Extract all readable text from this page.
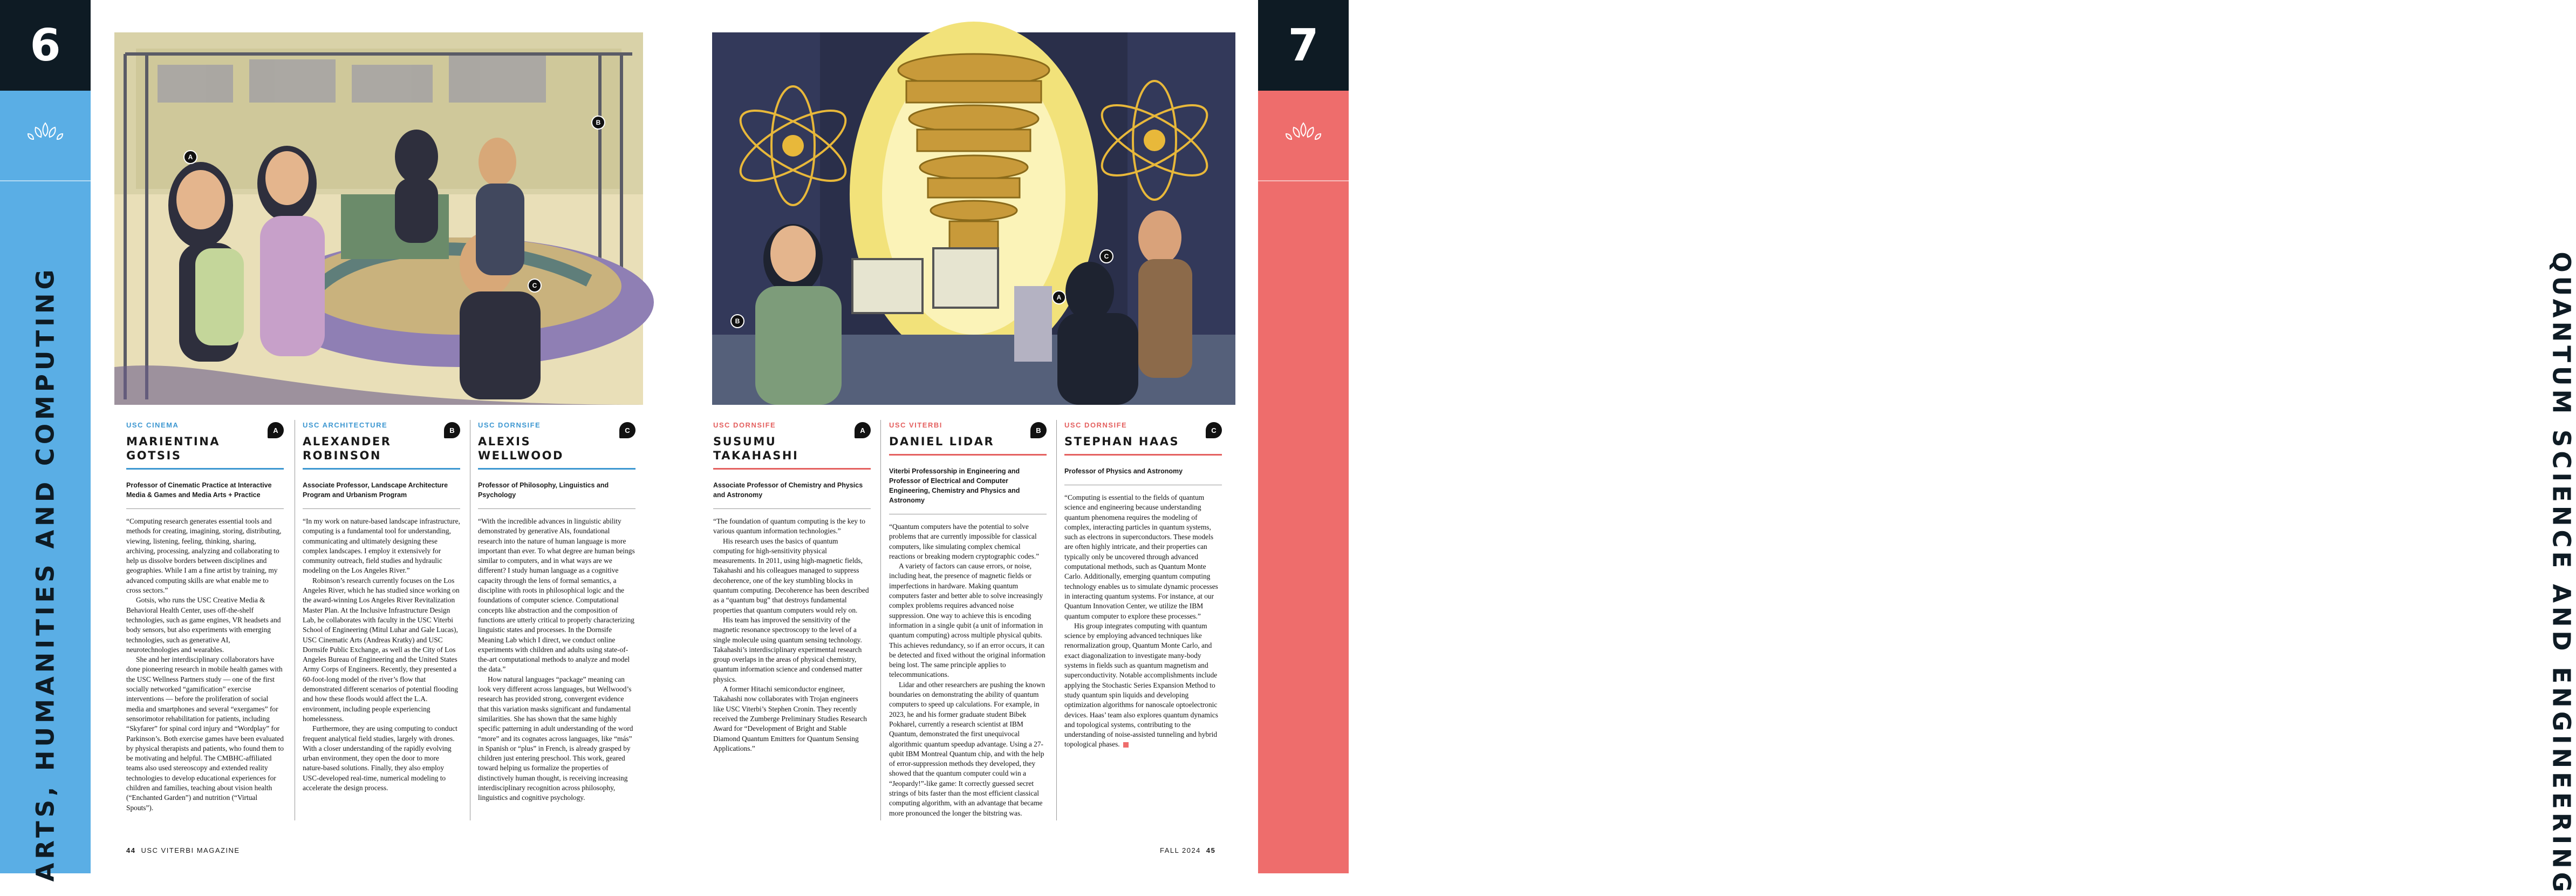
6
ARTS, HUMANITIES AND COMPUTING
7
QUANTUM SCIENCE AND ENGINEERING
A
B
C
B
A
C
USC CINEMA
A
MARIENTINA GOTSIS
Professor of Cinematic Practice at Interactive Media & Games and Media Arts + Practice

“Computing research generates essential tools and methods for creating, imagining, storing, distributing, viewing, listening, feeling, thinking, sharing, archiving, processing, analyzing and collaborating to help us dissolve borders between disciplines and geographies. While I am a fine artist by training, my advanced computing skills are what enable me to cross sectors.”

Gotsis, who runs the USC Creative Media & Behavioral Health Center, uses off-the-shelf technologies, such as game engines, VR headsets and body sensors, but also experiments with emerging technologies, such as generative AI, neurotechnologies and wearables.

She and her interdisciplinary collaborators have done pioneering research in mobile health games with the USC Wellness Partners study — one of the first socially networked “gamification” exercise interventions — before the proliferation of social media and smartphones and several “exergames” for sensorimotor rehabilitation for patients, including “Skyfarer” for spinal cord injury and “Wordplay” for Parkinson’s. Both exercise games have been evaluated by physical therapists and patients, who found them to be motivating and helpful. The CMBHC-affiliated teams also used stereoscopy and extended reality technologies to develop educational experiences for children and families, teaching about vision health (“Enchanted Garden”) and nutrition (“Virtual Spouts”).

USC ARCHITECTURE
B
ALEXANDER ROBINSON
Associate Professor, Landscape Architecture Program and Urbanism Program

“In my work on nature-based landscape infrastructure, computing is a fundamental tool for understanding, communicating and ultimately designing these complex landscapes. I employ it extensively for community outreach, field studies and hydraulic modeling on the Los Angeles River.”

Robinson’s research currently focuses on the Los Angeles River, which he has studied since working on the award-winning Los Angeles River Revitalization Master Plan. At the Inclusive Infrastructure Design Lab, he collaborates with faculty in the USC Viterbi School of Engineering (Mitul Luhar and Gale Lucas), USC Cinematic Arts (Andreas Kratky) and USC Dornsife Public Exchange, as well as the City of Los Angeles Bureau of Engineering and the United States Army Corps of Engineers. Recently, they presented a 60-foot-long model of the river’s flow that demonstrated different scenarios of potential flooding and how these floods would affect the L.A. environment, including people experiencing homelessness.

Furthermore, they are using computing to conduct frequent analytical field studies, largely with drones. With a closer understanding of the rapidly evolving urban environment, they open the door to more nature-based solutions. Finally, they also employ USC-developed real-time, numerical modeling to accelerate the design process.

USC DORNSIFE
C
ALEXIS WELLWOOD
Professor of Philosophy, Linguistics and Psychology

“With the incredible advances in linguistic ability demonstrated by generative AIs, foundational research into the nature of human language is more important than ever. To what degree are human beings similar to computers, and in what ways are we different? I study human language as a cognitive capacity through the lens of formal semantics, a discipline with roots in philosophical logic and the foundations of computer science. Computational concepts like abstraction and the composition of functions are utterly critical to properly characterizing linguistic states and processes. In the Dornsife Meaning Lab which I direct, we conduct online experiments with children and adults using state-of-the-art computational methods to analyze and model the data.”

How natural languages “package” meaning can look very different across languages, but Wellwood’s research has provided strong, convergent evidence that this variation masks significant and fundamental similarities. She has shown that the same highly specific patterning in adult understanding of the word “more” and its cognates across languages, like “más” in Spanish or “plus” in French, is already grasped by children just entering preschool. This work, geared toward helping us formalize the properties of distinctively human thought, is receiving increasing interdisciplinary recognition across philosophy, linguistics and cognitive psychology.

USC DORNSIFE
A
SUSUMU TAKAHASHI
Associate Professor of Chemistry and Physics and Astronomy

“The foundation of quantum computing is the key to various quantum information technologies.”

His research uses the basics of quantum computing for high-sensitivity physical measurements. In 2011, using high-magnetic fields, Takahashi and his colleagues managed to suppress decoherence, one of the key stumbling blocks in quantum computing. Decoherence has been described as a “quantum bug” that destroys fundamental properties that quantum computers would rely on.

His team has improved the sensitivity of the magnetic resonance spectroscopy to the level of a single molecule using quantum sensing technology. Takahashi’s interdisciplinary experimental research group overlaps in the areas of physical chemistry, quantum information science and condensed matter physics.

A former Hitachi semiconductor engineer, Takahashi now collaborates with Trojan engineers like USC Viterbi’s Stephen Cronin. They recently received the Zumberge Preliminary Studies Research Award for “Development of Bright and Stable Diamond Quantum Emitters for Quantum Sensing Applications.”

USC VITERBI
B
DANIEL LIDAR
Viterbi Professorship in Engineering and Professor of Electrical and Computer Engineering, Chemistry and Physics and Astronomy

“Quantum computers have the potential to solve problems that are currently impossible for classical computers, like simulating complex chemical reactions or breaking modern cryptographic codes.”

A variety of factors can cause errors, or noise, including heat, the presence of magnetic fields or imperfections in hardware. Making quantum computers faster and better able to solve increasingly complex problems requires advanced noise suppression. One way to achieve this is encoding information in a single qubit (a unit of information in quantum computing) across multiple physical qubits. This achieves redundancy, so if an error occurs, it can be detected and fixed without the original information being lost. The same principle applies to telecommunications.

Lidar and other researchers are pushing the known boundaries on demonstrating the ability of quantum computers to speed up calculations. For example, in 2023, he and his former graduate student Bibek Pokharel, currently a research scientist at IBM Quantum, demonstrated the first unequivocal algorithmic quantum speedup advantage. Using a 27-qubit IBM Montreal Quantum chip, and with the help of error-suppression methods they developed, they showed that the quantum computer could win a “Jeopardy!”-like game: It correctly guessed secret strings of bits faster than the most efficient classical computing algorithm, with an advantage that became more pronounced the longer the bitstring was.

USC DORNSIFE
C
STEPHAN HAAS
Professor of Physics and Astronomy

“Computing is essential to the fields of quantum science and engineering because understanding quantum phenomena requires the modeling of complex, interacting particles in quantum systems, such as electrons in superconductors. These models are often highly intricate, and their properties can typically only be uncovered through advanced computational methods, such as Quantum Monte Carlo. Additionally, emerging quantum computing technology enables us to simulate dynamic processes in interacting quantum systems. For instance, at our Quantum Innovation Center, we utilize the IBM quantum computer to explore these processes.”

His group integrates computing with quantum science by employing advanced techniques like renormalization group, Quantum Monte Carlo, and exact diagonalization to investigate many-body systems in fields such as quantum magnetism and superconductivity. Notable accomplishments include applying the Stochastic Series Expansion Method to study quantum spin liquids and developing optimization algorithms for nanoscale optoelectronic devices. Haas’ team also explores quantum dynamics and topological systems, contributing to the understanding of noise-assisted tunneling and hybrid topological phases.

44 USC VITERBI MAGAZINE	FALL 2024 45
